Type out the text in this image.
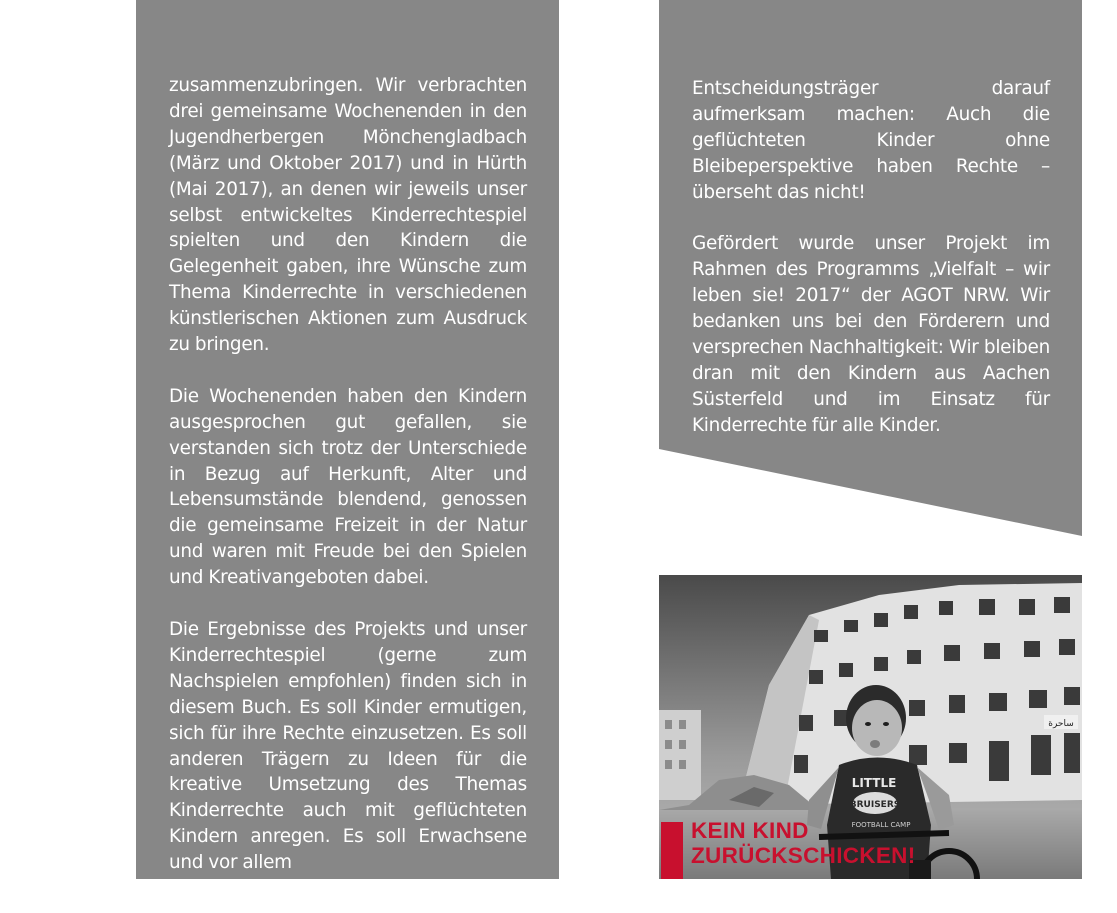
zusammenzubringen. Wir verbrachten drei gemeinsame Wochenenden in den Jugendherbergen Mönchengladbach (März und Oktober 2017) und in Hürth (Mai 2017), an denen wir jeweils unser selbst entwickeltes Kinderrechtespiel spielten und den Kindern die Gelegenheit gaben, ihre Wünsche zum Thema Kinderrechte in verschiedenen künstlerischen Aktionen zum Ausdruck zu bringen.

Die Wochenenden haben den Kindern ausgesprochen gut gefallen, sie verstanden sich trotz der Unterschiede in Bezug auf Herkunft, Alter und Lebensumstände blendend, genossen die gemeinsame Freizeit in der Natur und waren mit Freude bei den Spielen und Kreativangeboten dabei.

Die Ergebnisse des Projekts und unser Kinderrechtespiel (gerne zum Nachspielen empfohlen) finden sich in diesem Buch. Es soll Kinder ermutigen, sich für ihre Rechte einzusetzen. Es soll anderen Trägern zu Ideen für die kreative Umsetzung des Themas Kinderrechte auch mit geflüchteten Kindern anregen. Es soll Erwachsene und vor allem

Entscheidungsträger darauf aufmerksam machen: Auch die geflüchteten Kinder ohne Bleibeperspektive haben Rechte – überseht das nicht!

Gefördert wurde unser Projekt im Rahmen des Programms „Vielfalt – wir leben sie! 2017“ der AGOT NRW. Wir bedanken uns bei den Förderern und versprechen Nachhaltigkeit: Wir bleiben dran mit den Kindern aus Aachen Süsterfeld und im Einsatz für Kinderrechte für alle Kinder.

ساحرة
LITTLE
BRUISERS
FOOTBALL CAMP
KEIN KIND
ZURÜCKSCHICKEN!
